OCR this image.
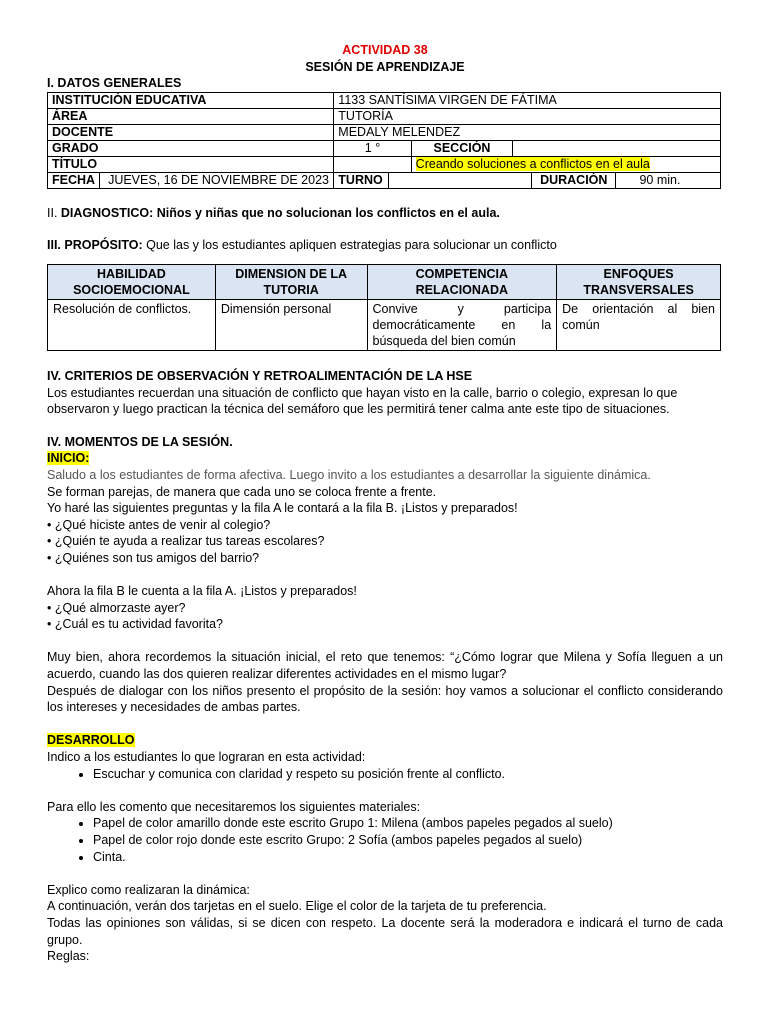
ACTIVIDAD 38
SESIÓN DE APRENDIZAJE
I. DATOS GENERALES
INSTITUCIÓN EDUCATIVA		1133 SANTÍSIMA VIRGEN DE FÁTIMA					
ÁREA		TUTORÍA					
DOCENTE		MEDALY MELENDEZ					
GRADO		1 °		SECCIÓN			
TÍTULO				Creando soluciones a conflictos en el aula			
FECHA	JUEVES, 16 DE NOVIEMBRE DE 2023	TURNO				DURACIÓN	90 min.
II. DIAGNOSTICO: Niños y niñas que no solucionan los conflictos en el aula.
III. PROPÓSITO: Que las y los estudiantes apliquen estrategias para solucionar un conflicto
HABILIDAD SOCIOEMOCIONAL	DIMENSION DE LA TUTORIA	COMPETENCIA RELACIONADA	ENFOQUES TRANSVERSALES
Resolución de conflictos.	Dimensión personal	Convive y participa democráticamente en la búsqueda del bien común	De orientación al bien común
IV. CRITERIOS DE OBSERVACIÓN Y RETROALIMENTACIÓN DE LA HSE
Los estudiantes recuerdan una situación de conflicto que hayan visto en la calle, barrio o colegio, expresan lo que observaron y luego practican la técnica del semáforo que les permitirá tener calma ante este tipo de situaciones.
IV. MOMENTOS DE LA SESIÓN.
INICIO:
Saludo a los estudiantes de forma afectiva. Luego invito a los estudiantes a desarrollar la siguiente dinámica.
Se forman parejas, de manera que cada uno se coloca frente a frente.
Yo haré las siguientes preguntas y la fila A le contará a la fila B. ¡Listos y preparados!
• ¿Qué hiciste antes de venir al colegio?
• ¿Quién te ayuda a realizar tus tareas escolares?
• ¿Quiénes son tus amigos del barrio?
Ahora la fila B le cuenta a la fila A. ¡Listos y preparados!
• ¿Qué almorzaste ayer?
• ¿Cuál es tu actividad favorita?
Muy bien, ahora recordemos la situación inicial, el reto que tenemos: “¿Cómo lograr que Milena y Sofía lleguen a un acuerdo, cuando las dos quieren realizar diferentes actividades en el mismo lugar?
Después de dialogar con los niños presento el propósito de la sesión: hoy vamos a solucionar el conflicto considerando los intereses y necesidades de ambas partes.
DESARROLLO
Indico a los estudiantes lo que lograran en esta actividad:
• Escuchar y comunica con claridad y respeto su posición frente al conflicto.
Para ello les comento que necesitaremos los siguientes materiales:
• Papel de color amarillo donde este escrito Grupo 1: Milena (ambos papeles pegados al suelo)
• Papel de color rojo donde este escrito Grupo: 2 Sofía (ambos papeles pegados al suelo)
• Cinta.
Explico como realizaran la dinámica:
A continuación, verán dos tarjetas en el suelo. Elige el color de la tarjeta de tu preferencia.
Todas las opiniones son válidas, si se dicen con respeto. La docente será la moderadora e indicará el turno de cada grupo.
Reglas:
